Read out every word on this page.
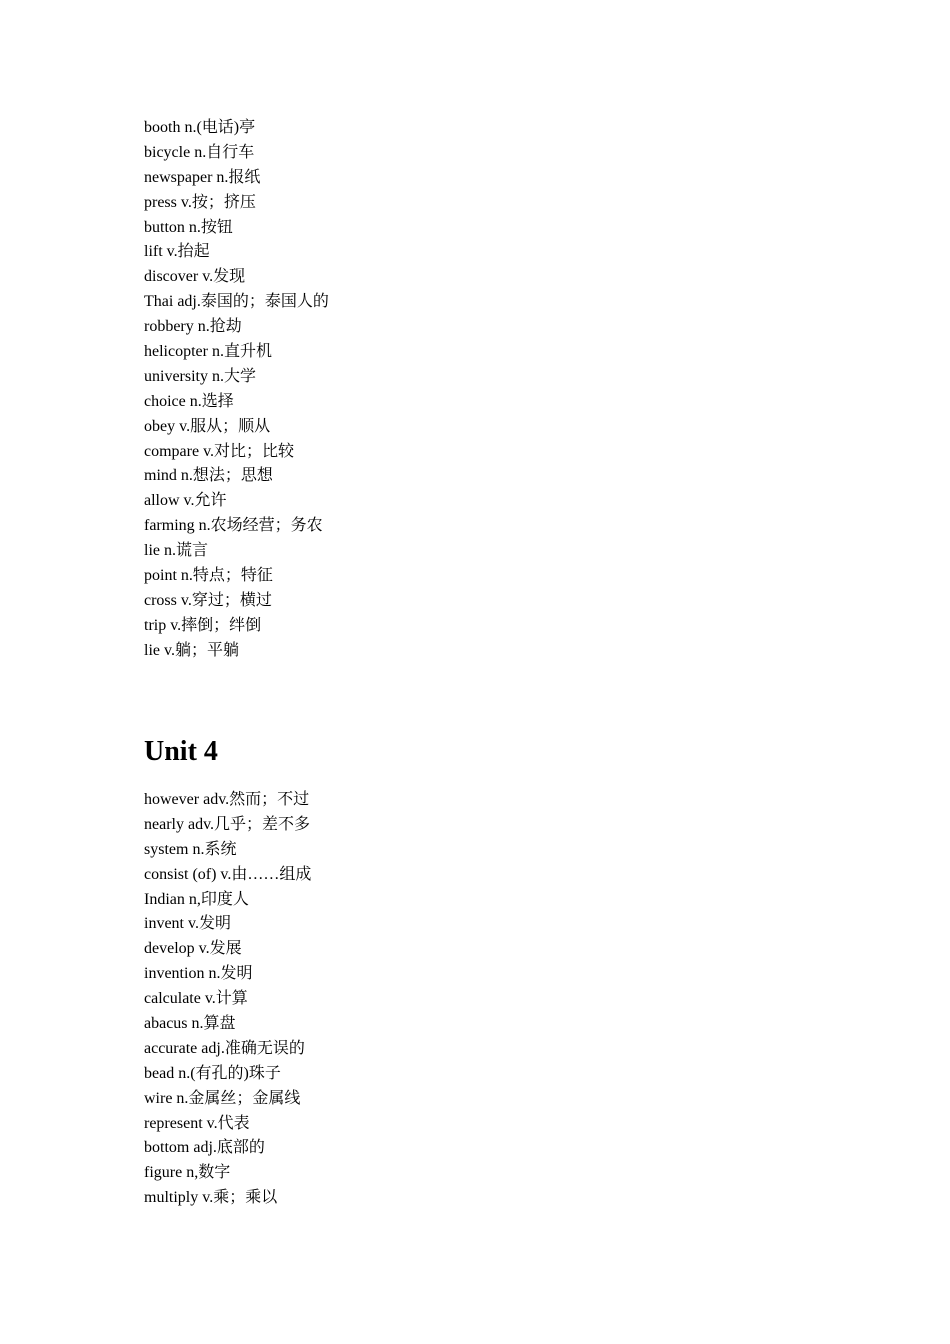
booth n.(电话)亭
bicycle n.自行车
newspaper n.报纸
press v.按；挤压
button n.按钮
lift v.抬起
discover v.发现
Thai adj.泰国的；泰国人的
robbery n.抢劫
helicopter n.直升机
university n.大学
choice n.选择
obey v.服从；顺从
compare v.对比；比较
mind n.想法；思想
allow v.允许
farming n.农场经营；务农
lie n.谎言
point n.特点；特征
cross v.穿过；横过
trip v.摔倒；绊倒
lie v.躺；平躺
Unit 4
however adv.然而；不过
nearly adv.几乎；差不多
system n.系统
consist (of) v.由……组成
Indian n,印度人
invent v.发明
develop v.发展
invention n.发明
calculate v.计算
abacus n.算盘
accurate adj.准确无误的
bead n.(有孔的)珠子
wire n.金属丝；金属线
represent v.代表
bottom adj.底部的
figure n,数字
multiply v.乘；乘以
